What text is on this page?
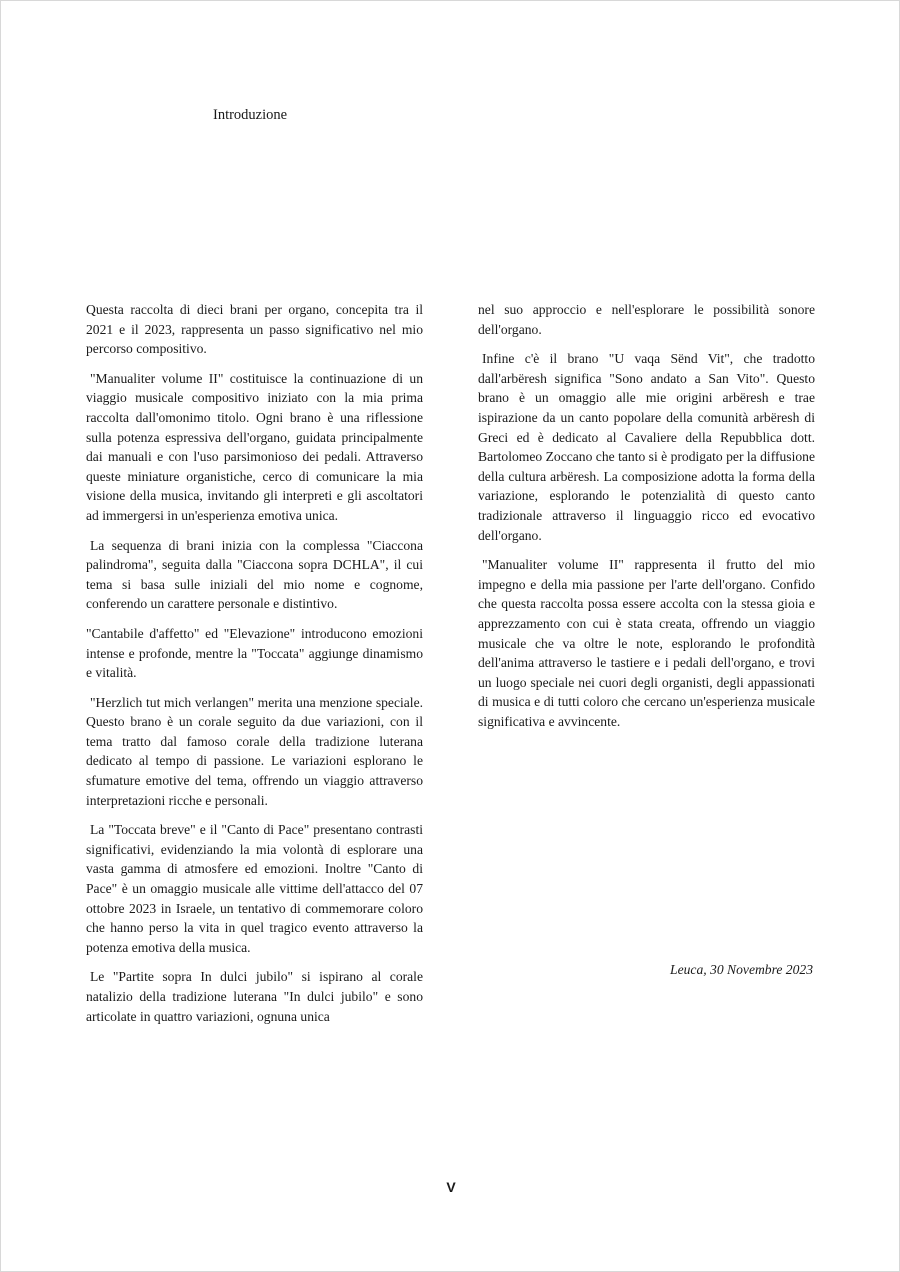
Introduzione

Questa raccolta di dieci brani per organo, concepita tra il 2021 e il 2023, rappresenta un passo significativo nel mio percorso compositivo.

"Manualiter volume II" costituisce la continuazione di un viaggio musicale compositivo iniziato con la mia prima raccolta dall'omonimo titolo. Ogni brano è una riflessione sulla potenza espressiva dell'organo, guidata principalmente dai manuali e con l'uso parsimonioso dei pedali. Attraverso queste miniature organistiche, cerco di comunicare la mia visione della musica, invitando gli interpreti e gli ascoltatori ad immergersi in un'esperienza emotiva unica.

La sequenza di brani inizia con la complessa "Ciaccona palindroma", seguita dalla "Ciaccona sopra DCHLA", il cui tema si basa sulle iniziali del mio nome e cognome, conferendo un carattere personale e distintivo.

"Cantabile d'affetto" ed "Elevazione" introducono emozioni intense e profonde, mentre la "Toccata" aggiunge dinamismo e vitalità.

"Herzlich tut mich verlangen" merita una menzione speciale. Questo brano è un corale seguito da due variazioni, con il tema tratto dal famoso corale della tradizione luterana dedicato al tempo di passione. Le variazioni esplorano le sfumature emotive del tema, offrendo un viaggio attraverso interpretazioni ricche e personali.

La "Toccata breve" e il "Canto di Pace" presentano contrasti significativi, evidenziando la mia volontà di esplorare una vasta gamma di atmosfere ed emozioni. Inoltre "Canto di Pace" è un omaggio musicale alle vittime dell'attacco del 07 ottobre 2023 in Israele, un tentativo di commemorare coloro che hanno perso la vita in quel tragico evento attraverso la potenza emotiva della musica.

Le "Partite sopra In dulci jubilo" si ispirano al corale natalizio della tradizione luterana "In dulci jubilo" e sono articolate in quattro variazioni, ognuna unica

nel suo approccio e nell'esplorare le possibilità sonore dell'organo.

Infine c'è il brano "U vaqa Sënd Vit", che tradotto dall'arbëresh significa "Sono andato a San Vito". Questo brano è un omaggio alle mie origini arbëresh e trae ispirazione da un canto popolare della comunità arbëresh di Greci ed è dedicato al Cavaliere della Repubblica dott. Bartolomeo Zoccano che tanto si è prodigato per la diffusione della cultura arbëresh. La composizione adotta la forma della variazione, esplorando le potenzialità di questo canto tradizionale attraverso il linguaggio ricco ed evocativo dell'organo.

"Manualiter volume II" rappresenta il frutto del mio impegno e della mia passione per l'arte dell'organo. Confido che questa raccolta possa essere accolta con la stessa gioia e apprezzamento con cui è stata creata, offrendo un viaggio musicale che va oltre le note, esplorando le profondità dell'anima attraverso le tastiere e i pedali dell'organo, e trovi un luogo speciale nei cuori degli organisti, degli appassionati di musica e di tutti coloro che cercano un'esperienza musicale significativa e avvincente.

Leuca, 30 Novembre 2023

V
